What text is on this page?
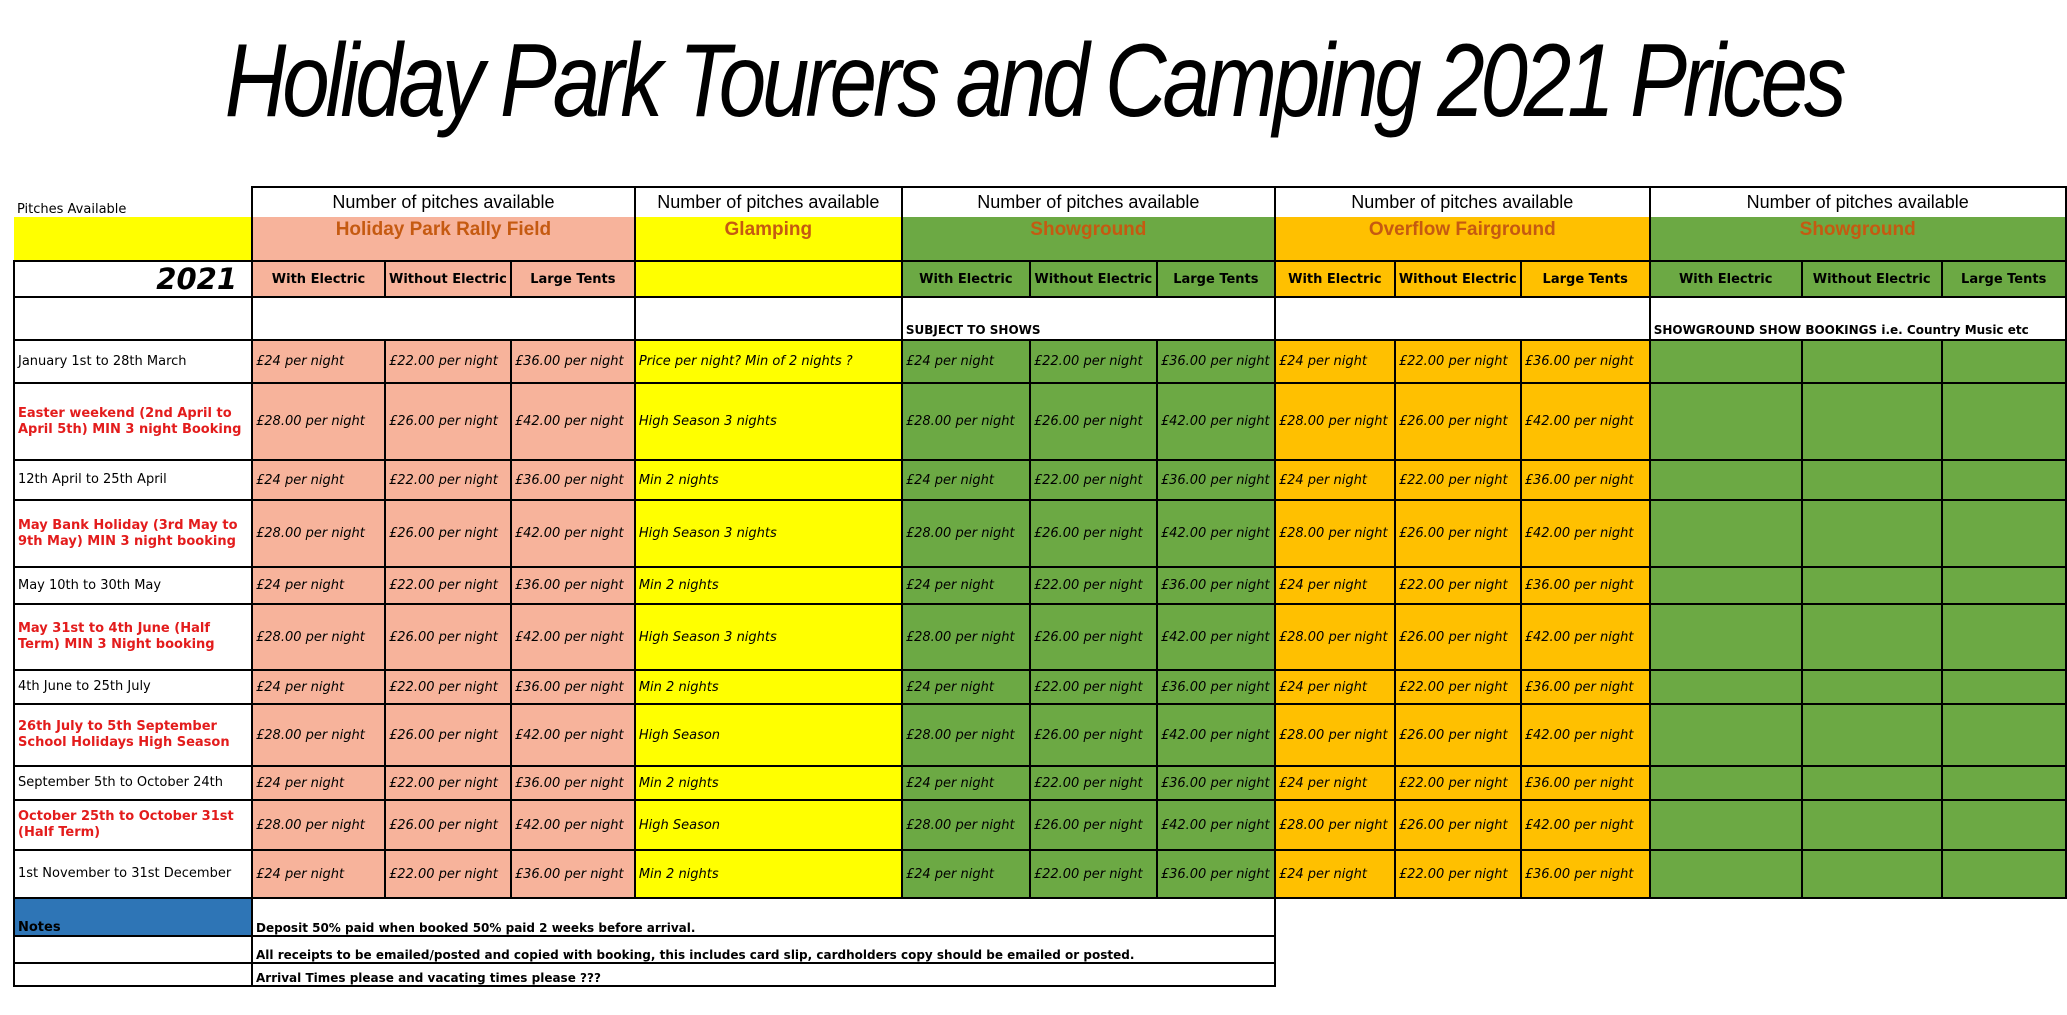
Holiday Park Tourers and Camping 2021 Prices
Pitches Available	Number of pitches available			Number of pitches available	Number of pitches available			Number of pitches available			Number of pitches available		
	Holiday Park Rally Field			Glamping	Showground			Overflow Fairground			Showground		
2021	With Electric	Without Electric	Large Tents		With Electric	Without Electric	Large Tents	With Electric	Without Electric	Large Tents	With Electric	Without Electric	Large Tents
					SUBJECT TO SHOWS						SHOWGROUND SHOW BOOKINGS i.e. Country Music etc		
January 1st to 28th March	£24 per night	£22.00 per night	£36.00 per night	Price per night? Min of 2 nights ?	£24 per night	£22.00 per night	£36.00 per night	£24 per night	£22.00 per night	£36.00 per night			
Easter weekend (2nd April to April 5th) MIN 3 night Booking	£28.00 per night	£26.00 per night	£42.00 per night	High Season 3 nights	£28.00 per night	£26.00 per night	£42.00 per night	£28.00 per night	£26.00 per night	£42.00 per night			
12th April to 25th April	£24 per night	£22.00 per night	£36.00 per night	Min 2 nights	£24 per night	£22.00 per night	£36.00 per night	£24 per night	£22.00 per night	£36.00 per night			
May Bank Holiday (3rd May to 9th May) MIN 3 night booking	£28.00 per night	£26.00 per night	£42.00 per night	High Season 3 nights	£28.00 per night	£26.00 per night	£42.00 per night	£28.00 per night	£26.00 per night	£42.00 per night			
May 10th to 30th May	£24 per night	£22.00 per night	£36.00 per night	Min 2 nights	£24 per night	£22.00 per night	£36.00 per night	£24 per night	£22.00 per night	£36.00 per night			
May 31st to 4th June (Half Term) MIN 3 Night booking	£28.00 per night	£26.00 per night	£42.00 per night	High Season 3 nights	£28.00 per night	£26.00 per night	£42.00 per night	£28.00 per night	£26.00 per night	£42.00 per night			
4th June to 25th July	£24 per night	£22.00 per night	£36.00 per night	Min 2 nights	£24 per night	£22.00 per night	£36.00 per night	£24 per night	£22.00 per night	£36.00 per night			
26th July to 5th September School Holidays High Season	£28.00 per night	£26.00 per night	£42.00 per night	High Season	£28.00 per night	£26.00 per night	£42.00 per night	£28.00 per night	£26.00 per night	£42.00 per night			
September 5th to October 24th	£24 per night	£22.00 per night	£36.00 per night	Min 2 nights	£24 per night	£22.00 per night	£36.00 per night	£24 per night	£22.00 per night	£36.00 per night			
October 25th to October 31st (Half Term)	£28.00 per night	£26.00 per night	£42.00 per night	High Season	£28.00 per night	£26.00 per night	£42.00 per night	£28.00 per night	£26.00 per night	£42.00 per night			
1st November to 31st December	£24 per night	£22.00 per night	£36.00 per night	Min 2 nights	£24 per night	£22.00 per night	£36.00 per night	£24 per night	£22.00 per night	£36.00 per night			
Notes	Deposit 50% paid when booked 50% paid 2 weeks before arrival.												
	All receipts to be emailed/posted and copied with booking, this includes card slip, cardholders copy should be emailed or posted.												
	Arrival Times please and vacating times please ???												
